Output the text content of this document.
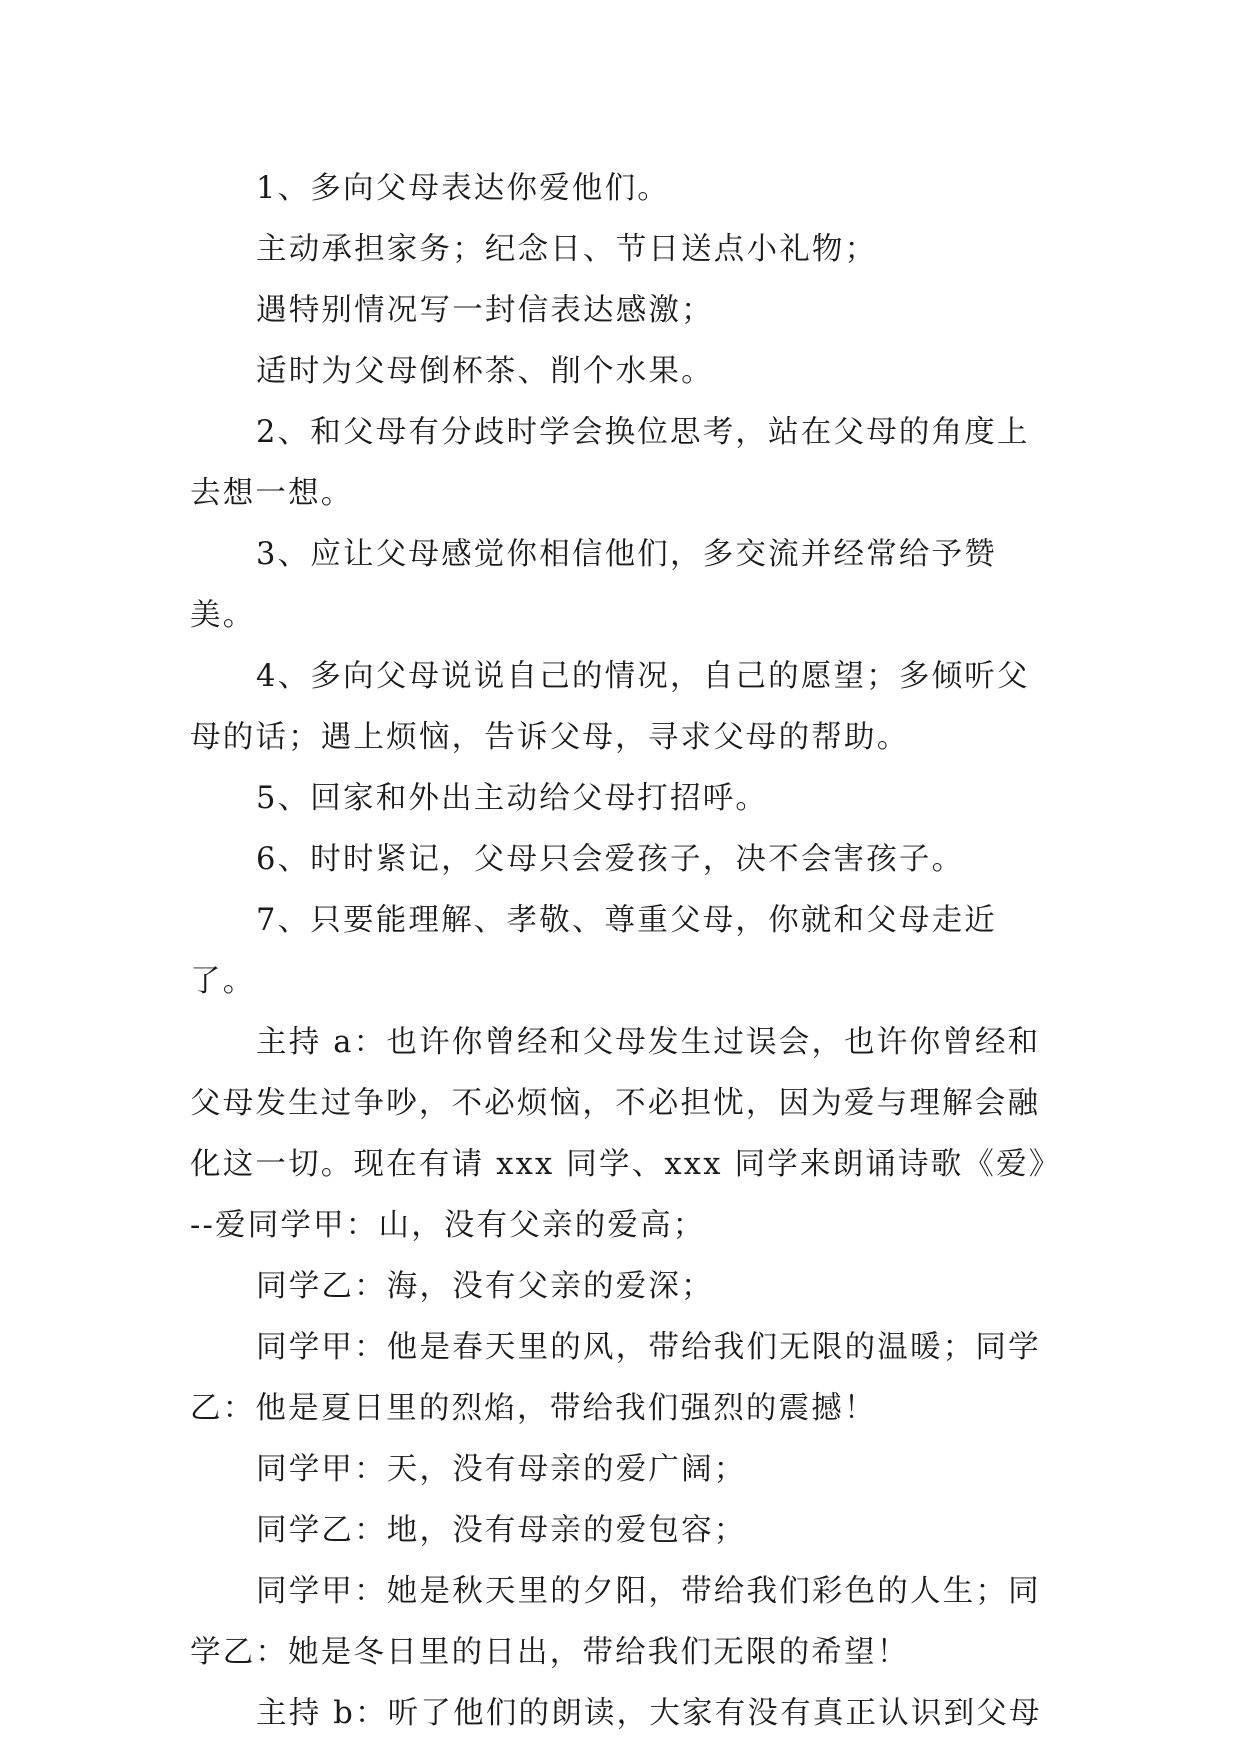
1、多向父母表达你爱他们。

主动承担家务；纪念日、节日送点小礼物；

遇特别情况写一封信表达感激；

适时为父母倒杯茶、削个水果。

2、和父母有分歧时学会换位思考，站在父母的角度上去想一想。

3、应让父母感觉你相信他们，多交流并经常给予赞美。

4、多向父母说说自己的情况，自己的愿望；多倾听父母的话；遇上烦恼，告诉父母，寻求父母的帮助。

5、回家和外出主动给父母打招呼。

6、时时紧记，父母只会爱孩子，决不会害孩子。

7、只要能理解、孝敬、尊重父母，你就和父母走近了。

主持 a：也许你曾经和父母发生过误会，也许你曾经和父母发生过争吵，不必烦恼，不必担忧，因为爱与理解会融化这一切。现在有请 xxx 同学、xxx 同学来朗诵诗歌《爱》--爱同学甲：山，没有父亲的爱高；

同学乙：海，没有父亲的爱深；

同学甲：他是春天里的风，带给我们无限的温暖；同学乙：他是夏日里的烈焰，带给我们强烈的震撼！

同学甲：天，没有母亲的爱广阔；

同学乙：地，没有母亲的爱包容；

同学甲：她是秋天里的夕阳，带给我们彩色的人生；同学乙：她是冬日里的日出，带给我们无限的希望！

主持 b：听了他们的朗读，大家有没有真正认识到父母
